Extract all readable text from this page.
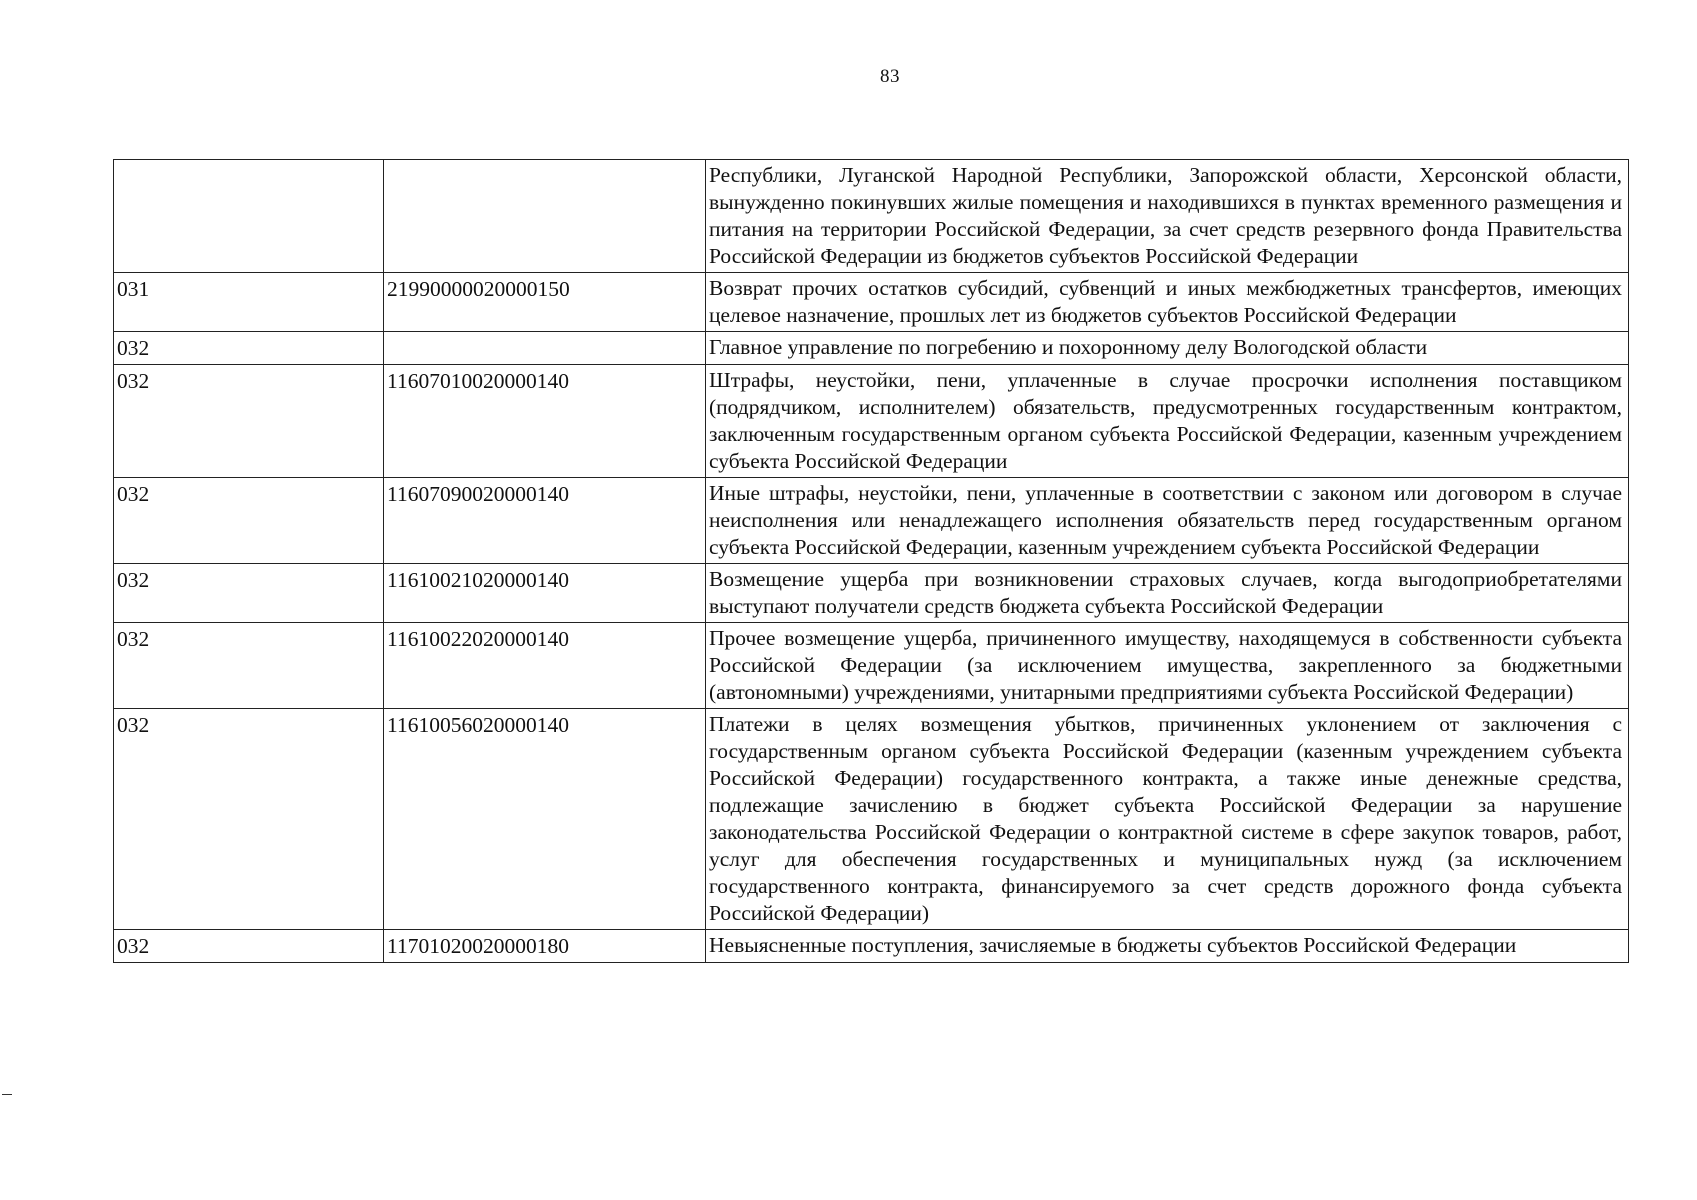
83
		Республики, Луганской Народной Республики, Запорожской области, Херсонской области, вынужденно покинувших жилые помещения и находившихся в пунктах временного размещения и питания на территории Российской Федерации, за счет средств резервного фонда Правительства Российской Федерации из бюджетов субъектов Российской Федерации
031	21990000020000150	Возврат прочих остатков субсидий, субвенций и иных межбюджетных трансфертов, имеющих целевое назначение, прошлых лет из бюджетов субъектов Российской Федерации
032		Главное управление по погребению и похоронному делу Вологодской области
032	11607010020000140	Штрафы, неустойки, пени, уплаченные в случае просрочки исполнения поставщиком (подрядчиком, исполнителем) обязательств, предусмотренных государственным контрактом, заключенным государственным органом субъекта Российской Федерации, казенным учреждением субъекта Российской Федерации
032	11607090020000140	Иные штрафы, неустойки, пени, уплаченные в соответствии с законом или договором в случае неисполнения или ненадлежащего исполнения обязательств перед государственным органом субъекта Российской Федерации, казенным учреждением субъекта Российской Федерации
032	11610021020000140	Возмещение ущерба при возникновении страховых случаев, когда выгодоприобретателями выступают получатели средств бюджета субъекта Российской Федерации
032	11610022020000140	Прочее возмещение ущерба, причиненного имуществу, находящемуся в собственности субъекта Российской Федерации (за исключением имущества, закрепленного за бюджетными (автономными) учреждениями, унитарными предприятиями субъекта Российской Федерации)
032	11610056020000140	Платежи в целях возмещения убытков, причиненных уклонением от заключения с государственным органом субъекта Российской Федерации (казенным учреждением субъекта Российской Федерации) государственного контракта, а также иные денежные средства, подлежащие зачислению в бюджет субъекта Российской Федерации за нарушение законодательства Российской Федерации о контрактной системе в сфере закупок товаров, работ, услуг для обеспечения государственных и муниципальных нужд (за исключением государственного контракта, финансируемого за счет средств дорожного фонда субъекта Российской Федерации)
032	11701020020000180	Невыясненные поступления, зачисляемые в бюджеты субъектов Российской Федерации
